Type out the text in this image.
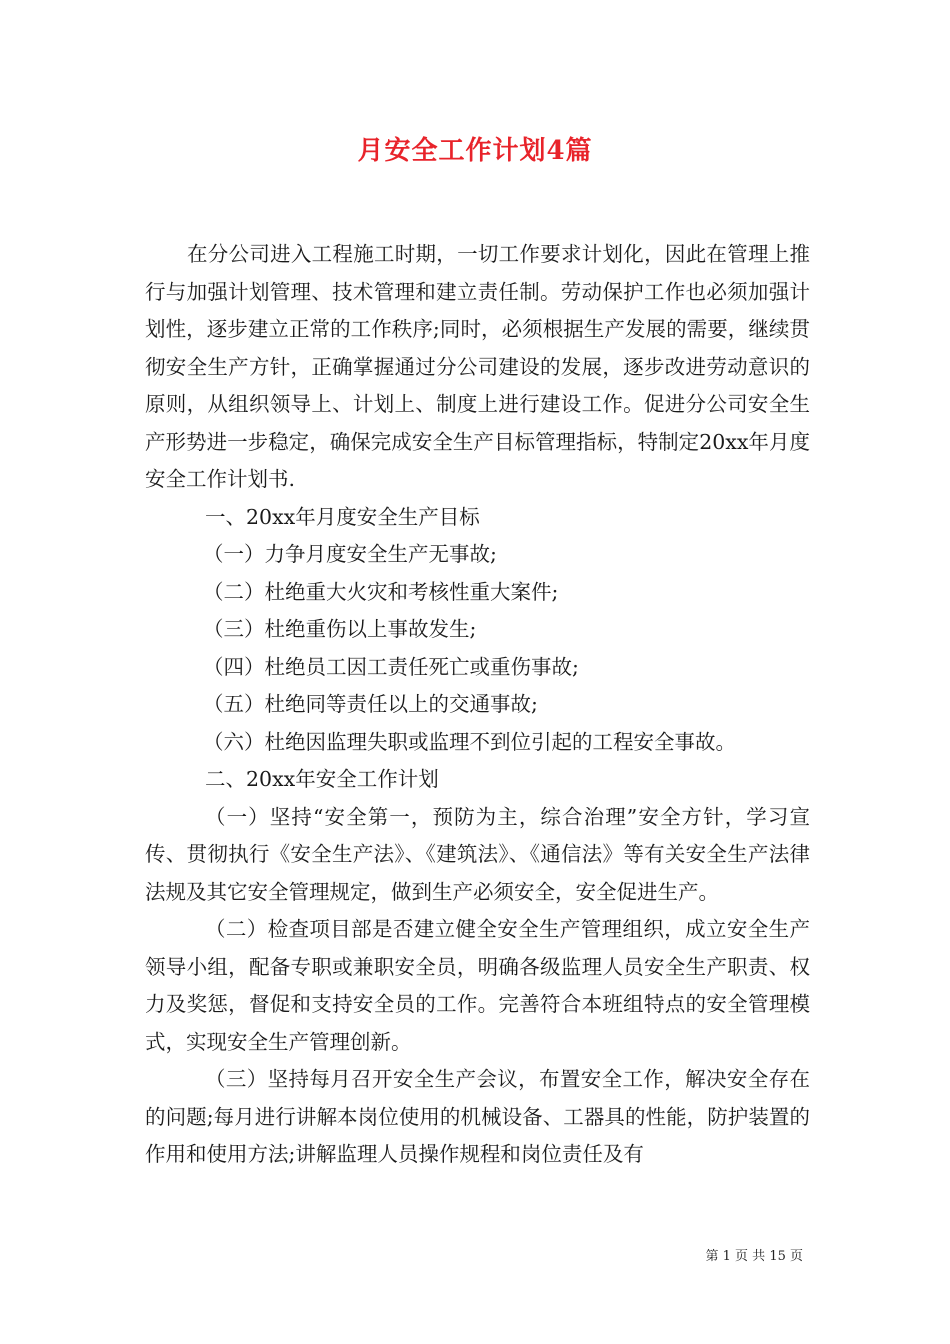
月安全工作计划4篇

在分公司进入工程施工时期，一切工作要求计划化，因此在管理上推行与加强计划管理、技术管理和建立责任制。劳动保护工作也必须加强计划性，逐步建立正常的工作秩序;同时，必须根据生产发展的需要，继续贯彻安全生产方针，正确掌握通过分公司建设的发展，逐步改进劳动意识的原则，从组织领导上、计划上、制度上进行建设工作。促进分公司安全生产形势进一步稳定，确保完成安全生产目标管理指标，特制定20xx年月度安全工作计划书.

一、20xx年月度安全生产目标

（一）力争月度安全生产无事故;

（二）杜绝重大火灾和考核性重大案件;

（三）杜绝重伤以上事故发生;

（四）杜绝员工因工责任死亡或重伤事故;

（五）杜绝同等责任以上的交通事故;

（六）杜绝因监理失职或监理不到位引起的工程安全事故。

二、20xx年安全工作计划

（一）坚持“安全第一，预防为主，综合治理”安全方针，学习宣传、贯彻执行《安全生产法》、《建筑法》、《通信法》等有关安全生产法律法规及其它安全管理规定，做到生产必须安全，安全促进生产。

（二）检查项目部是否建立健全安全生产管理组织，成立安全生产领导小组，配备专职或兼职安全员，明确各级监理人员安全生产职责、权力及奖惩，督促和支持安全员的工作。完善符合本班组特点的安全管理模式，实现安全生产管理创新。

（三）坚持每月召开安全生产会议，布置安全工作，解决安全存在的问题;每月进行讲解本岗位使用的机械设备、工器具的性能，防护装置的作用和使用方法;讲解监理人员操作规程和岗位责任及有

第 1 页 共 15 页
